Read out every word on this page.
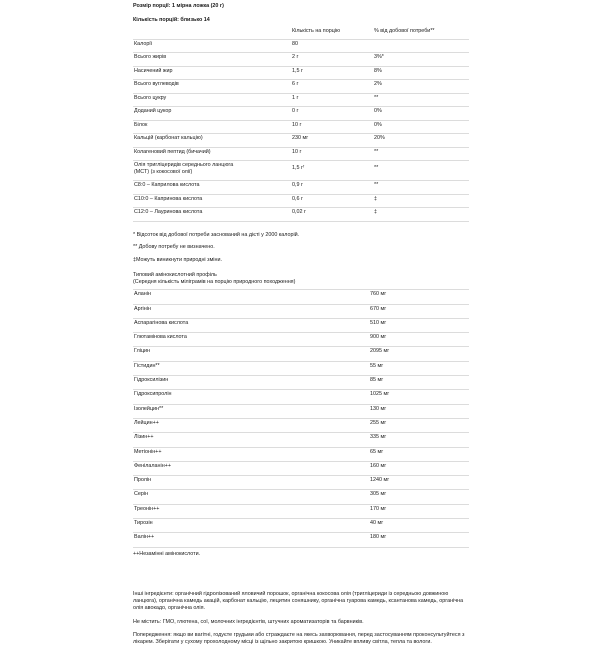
Розмір порції: 1 мірна ложка (20 г)
Кількість порцій: близько 14
	Кількість на порцію	% від добової потреби**
Калорії	80	
Всього жирів	2 г	3%*
Насичений жир	1,5 г	8%
Всього вуглеводів	6 г	2%
Всього цукру	1 г	**
Доданий цукор	0 г	0%
Білок	10 г	0%
Кальцій (карбонат кальцію)	230 мг	20%
Колагеновий пептид (бичачий)	10 г	**
Олія тригліцеридів середнього ланцюга
(МСТ) (з кокосової олії)	1,5 гᶠ	**
C8:0 – Каприлова кислота	0,9 г	**
C10:0 – Капринова кислота	0,6 г	‡
C12:0 – Лауринова кислота	0,02 г	‡
* Відсоток від добової потреби заснований на дієті у 2000 калорій.
** Добову потребу не визначено.
‡Можуть виникнути природні зміни.
Типовий амінокислотний профіль
(Середня кількість міліграмів на порцію природного походження)
Аланін	760 мг
Аргінін	670 мг
Аспарагінова кислота	510 мг
Глютамінова кислота	900 мг
Гліцин	2095 мг
Гістидин**	55 мг
Гідроксилізин	85 мг
Гідроксипролін	1025 мг
Ізолейцин**	130 мг
Лейцин++	255 мг
Лізин++	335 мг
Метіонін++	65 мг
Фенілаланін++	160 мг
Пролін	1240 мг
Серін	305 мг
Треонін++	170 мг
Тирозін	40 мг
Валін++	180 мг
++Незамінні амінокислоти.
Інші інгредієнти: органічний гідролізований яловичий порошок, органічна кокосова олія (тригліцериди із середньою довжиною ланцюга), органічна камедь акацій, карбонат кальцію, лецитин соняшнику, органічна гуарова камедь, ксантанова камедь, органічна олія авокадо, органічна олія.
Не містить: ГМО, глютена, сої, молочних інгредієнтів, штучних ароматизаторів та барвників.
Попередження: якщо ви вагітні, годуєте грудьми або страждаєте на якесь захворювання, перед застосуванням проконсультуйтеся з лікарем. Зберігати у сухому прохолодному місці із щільно закритою кришкою. Уникайте впливу світла, тепла та вологи.
